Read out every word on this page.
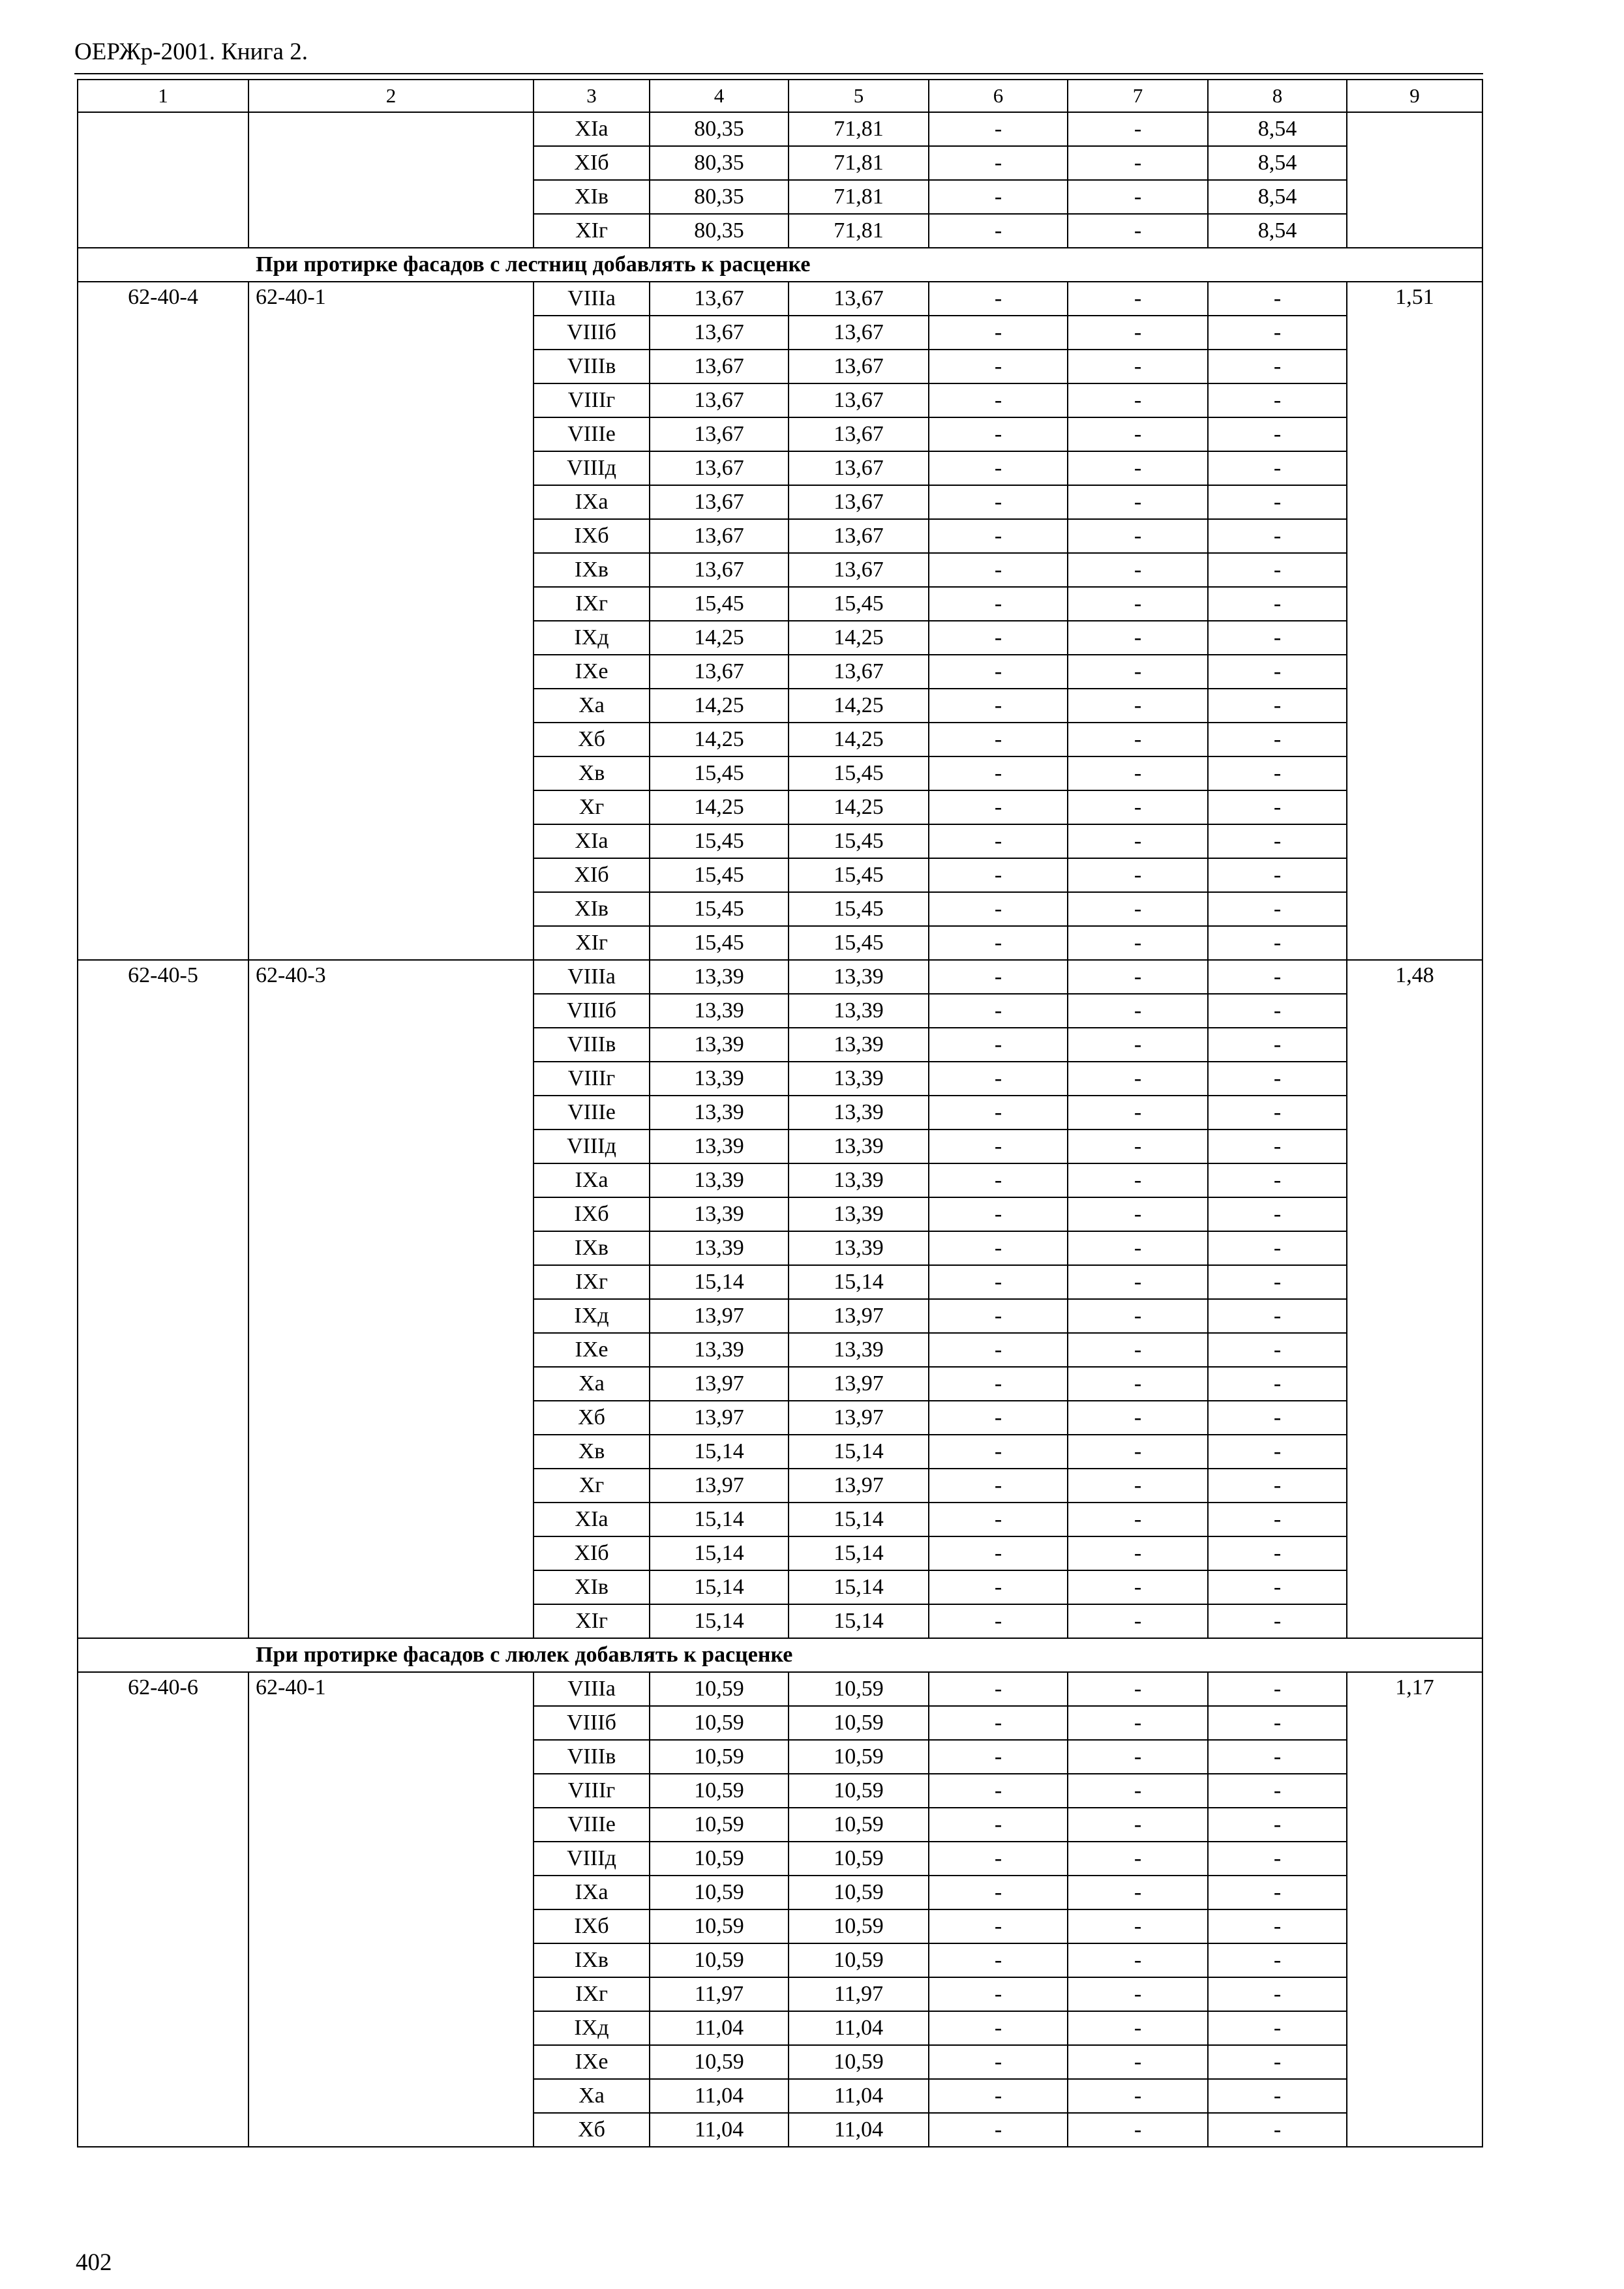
ОЕРЖр-2001. Книга 2.
1	2	3	4	5	6	7	8	9
		XIа	80,35	71,81	-	-	8,54	
		XIб	80,35	71,81	-	-	8,54	
		XIв	80,35	71,81	-	-	8,54	
		XIг	80,35	71,81	-	-	8,54	
При протирке фасадов с лестниц добавлять к расценке								
62-40-4	62-40-1	VIIIа	13,67	13,67	-	-	-	1,51
		VIIIб	13,67	13,67	-	-	-	
		VIIIв	13,67	13,67	-	-	-	
		VIIIг	13,67	13,67	-	-	-	
		VIIIе	13,67	13,67	-	-	-	
		VIIIд	13,67	13,67	-	-	-	
		IXа	13,67	13,67	-	-	-	
		IXб	13,67	13,67	-	-	-	
		IXв	13,67	13,67	-	-	-	
		IXг	15,45	15,45	-	-	-	
		IXд	14,25	14,25	-	-	-	
		IXе	13,67	13,67	-	-	-	
		Xа	14,25	14,25	-	-	-	
		Xб	14,25	14,25	-	-	-	
		Xв	15,45	15,45	-	-	-	
		Xг	14,25	14,25	-	-	-	
		XIа	15,45	15,45	-	-	-	
		XIб	15,45	15,45	-	-	-	
		XIв	15,45	15,45	-	-	-	
		XIг	15,45	15,45	-	-	-	
62-40-5	62-40-3	VIIIа	13,39	13,39	-	-	-	1,48
		VIIIб	13,39	13,39	-	-	-	
		VIIIв	13,39	13,39	-	-	-	
		VIIIг	13,39	13,39	-	-	-	
		VIIIе	13,39	13,39	-	-	-	
		VIIIд	13,39	13,39	-	-	-	
		IXа	13,39	13,39	-	-	-	
		IXб	13,39	13,39	-	-	-	
		IXв	13,39	13,39	-	-	-	
		IXг	15,14	15,14	-	-	-	
		IXд	13,97	13,97	-	-	-	
		IXе	13,39	13,39	-	-	-	
		Xа	13,97	13,97	-	-	-	
		Xб	13,97	13,97	-	-	-	
		Xв	15,14	15,14	-	-	-	
		Xг	13,97	13,97	-	-	-	
		XIа	15,14	15,14	-	-	-	
		XIб	15,14	15,14	-	-	-	
		XIв	15,14	15,14	-	-	-	
		XIг	15,14	15,14	-	-	-	
При протирке фасадов с люлек добавлять к расценке								
62-40-6	62-40-1	VIIIа	10,59	10,59	-	-	-	1,17
		VIIIб	10,59	10,59	-	-	-	
		VIIIв	10,59	10,59	-	-	-	
		VIIIг	10,59	10,59	-	-	-	
		VIIIе	10,59	10,59	-	-	-	
		VIIIд	10,59	10,59	-	-	-	
		IXа	10,59	10,59	-	-	-	
		IXб	10,59	10,59	-	-	-	
		IXв	10,59	10,59	-	-	-	
		IXг	11,97	11,97	-	-	-	
		IXд	11,04	11,04	-	-	-	
		IXе	10,59	10,59	-	-	-	
		Xа	11,04	11,04	-	-	-	
		Xб	11,04	11,04	-	-	-	
402
